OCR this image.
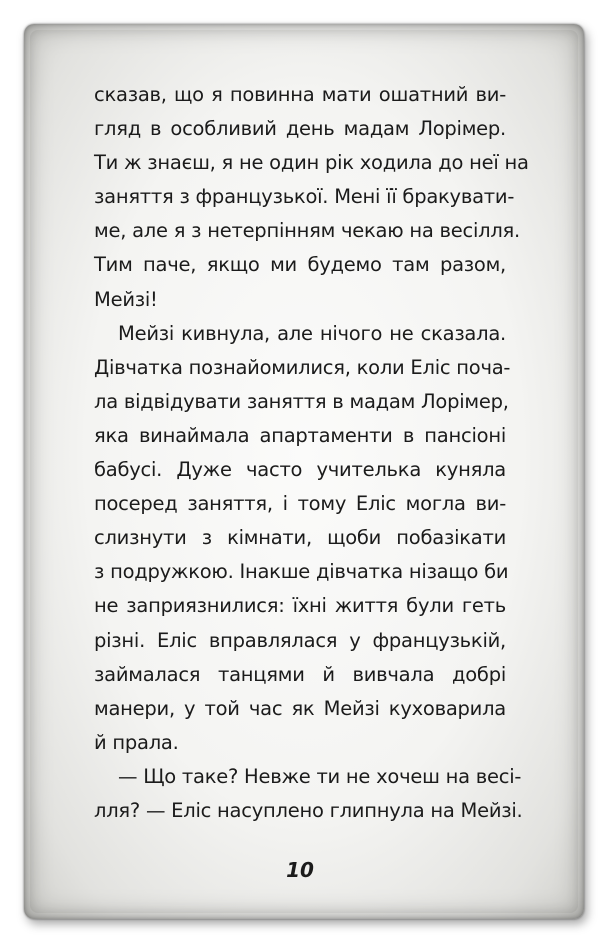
сказав, що я повинна мати ошатний ви-
гляд в особливий день мадам Лорімер.
Ти ж знаєш, я не один рік ходила до неї на
заняття з французької. Мені її бракувати-
ме, але я з нетерпінням чекаю на весілля.
Тим паче, якщо ми будемо там разом,
Мейзі!
Мейзі кивнула, але нічого не сказала.
Дівчатка познайомилися, коли Еліс поча-
ла відвідувати заняття в мадам Лорімер,
яка винаймала апартаменти в пансіоні
бабусі. Дуже часто учителька куняла
посеред заняття, і тому Еліс могла ви-
слизнути з кімнати, щоби побазікати
з подружкою. Інакше дівчатка нізащо би
не заприязнилися: їхні життя були геть
різні. Еліс вправлялася у французькій,
займалася танцями й вивчала добрі
манери, у той час як Мейзі куховарила
й прала.
— Що таке? Невже ти не хочеш на весі-
лля? — Еліс насуплено глипнула на Мейзі.
10
